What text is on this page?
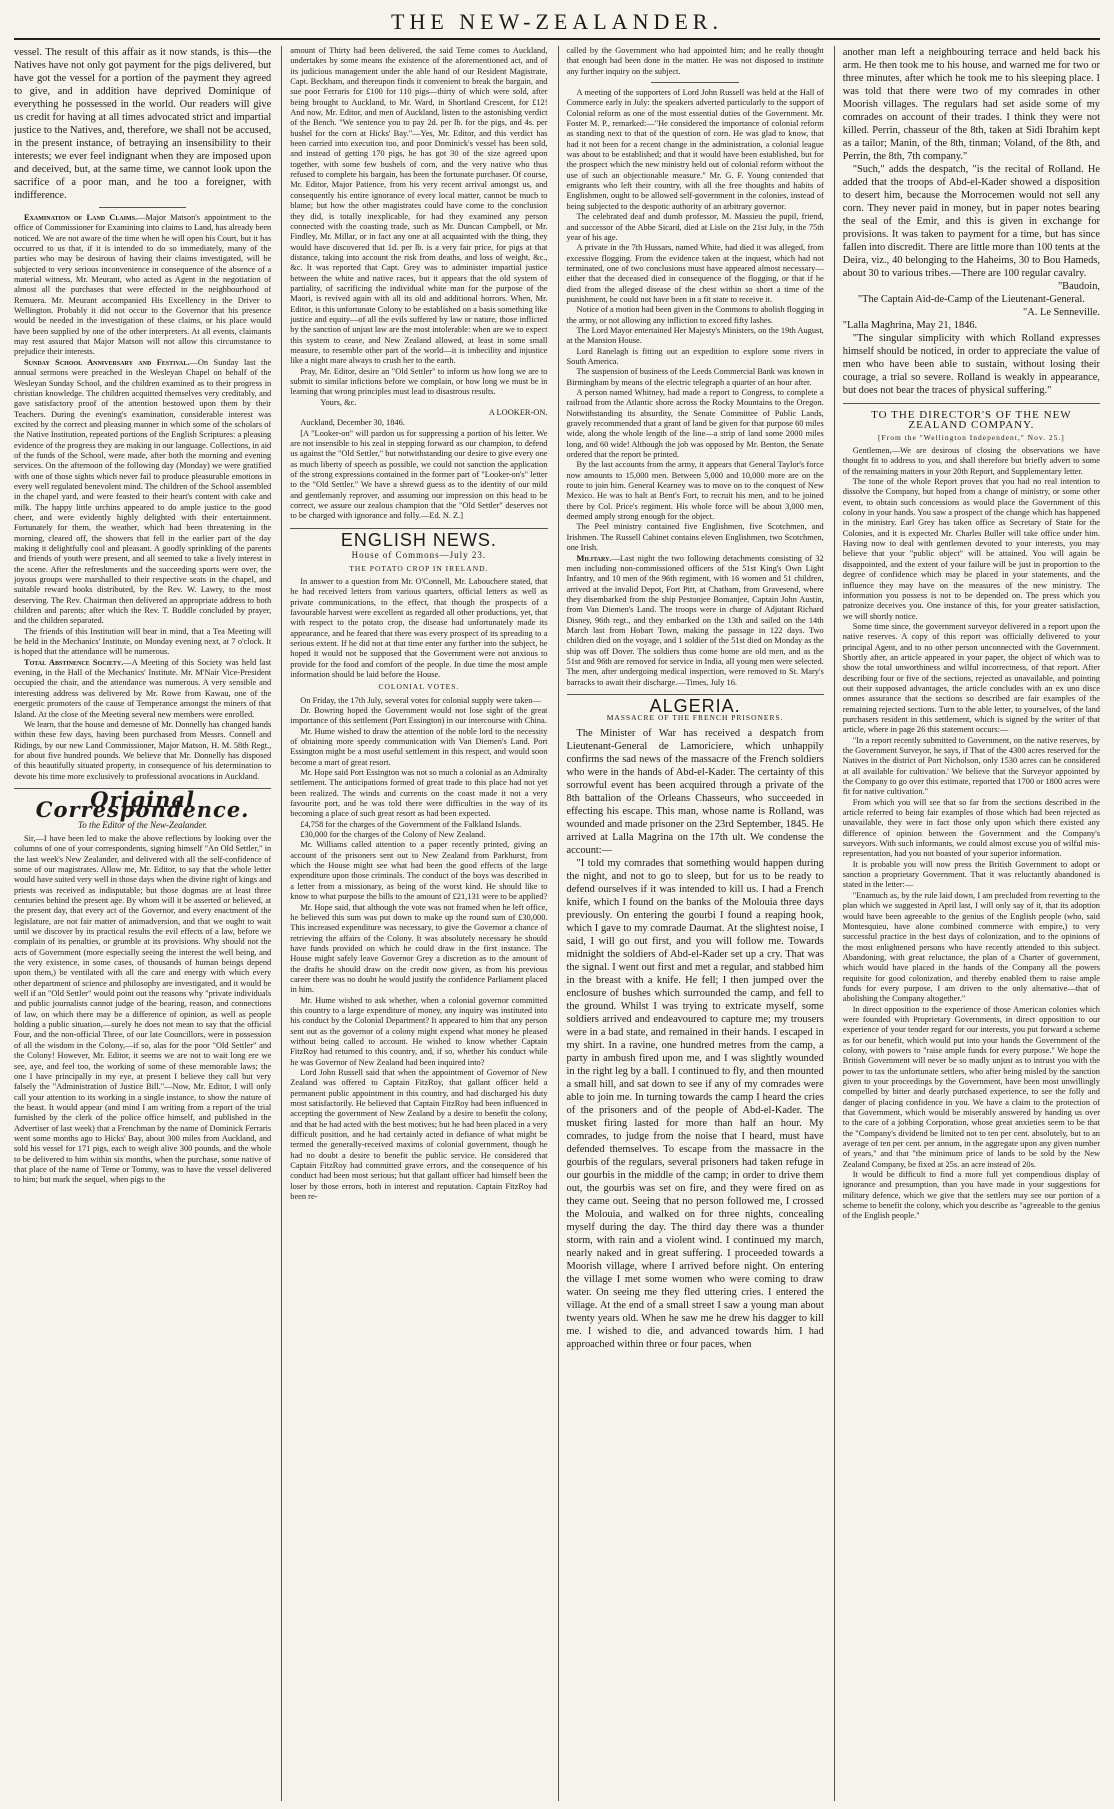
THE NEW-ZEALANDER.

vessel. The result of this affair as it now stands, is this—the Natives have not only got payment for the pigs delivered, but have got the vessel for a portion of the payment they agreed to give, and in addition have deprived Dominique of everything he possessed in the world. Our readers will give us credit for having at all times advocated strict and impartial justice to the Natives, and, therefore, we shall not be accused, in the present instance, of betraying an insensibility to their interests; we ever feel indignant when they are imposed upon and deceived, but, at the same time, we cannot look upon the sacrifice of a poor man, and he too a foreigner, with indifference.

Examination of Land Claims.—Major Matson's appointment to the office of Commissioner for Examining into claims to Land, has already been noticed. We are not aware of the time when he will open his Court, but it has occurred to us that, if it is intended to do so immediately, many of the parties who may be desirous of having their claims investigated, will be subjected to very serious inconvenience in consequence of the absence of a material witness, Mr. Meurant, who acted as Agent in the negotiation of almost all the purchases that were effected in the neighbourhood of Remuera. Mr. Meurant accompanied His Excellency in the Driver to Wellington. Probably it did not occur to the Governor that his presence would be needed in the investigation of these claims, or his place would have been supplied by one of the other interpreters. At all events, claimants may rest assured that Major Matson will not allow this circumstance to prejudice their interests.

Sunday School Anniversary and Festival.—On Sunday last the annual sermons were preached in the Wesleyan Chapel on behalf of the Wesleyan Sunday School, and the children examined as to their progress in christian knowledge. The children acquitted themselves very creditably, and gave satisfactory proof of the attention bestowed upon them by their Teachers. During the evening's examination, considerable interest was excited by the correct and pleasing manner in which some of the scholars of the Native Institution, repeated portions of the English Scriptures: a pleasing evidence of the progress they are making in our language. Collections, in aid of the funds of the School, were made, after both the morning and evening services. On the afternoon of the following day (Monday) we were gratified with one of those sights which never fail to produce pleasurable emotions in every well regulated benevolent mind. The children of the School assembled in the chapel yard, and were feasted to their heart's content with cake and milk. The happy little urchins appeared to do ample justice to the good cheer, and were evidently highly delighted with their entertainment. Fortunately for them, the weather, which had been threatening in the morning, cleared off, the showers that fell in the earlier part of the day making it delightfully cool and pleasant. A goodly sprinkling of the parents and friends of youth were present, and all seemed to take a lively interest in the scene. After the refreshments and the succeeding sports were over, the joyous groups were marshalled to their respective seats in the chapel, and suitable reward books distributed, by the Rev. W. Lawry, to the most deserving. The Rev. Chairman then delivered an appropriate address to both children and parents; after which the Rev. T. Buddle concluded by prayer, and the children separated.

The friends of this Institution will bear in mind, that a Tea Meeting will be held in the Mechanics' Institute, on Monday evening next, at 7 o'clock. It is hoped that the attendance will be numerous.

Total Abstinence Society.—A Meeting of this Society was held last evening, in the Hall of the Mechanics' Institute. Mr. M'Nair Vice-President occupied the chair, and the attendance was numerous. A very sensible and interesting address was delivered by Mr. Rowe from Kawau, one of the energetic promoters of the cause of Temperance amongst the miners of that Island. At the close of the Meeting several new members were enrolled.

We learn, that the house and demesne of Mr. Donnelly has changed hands within these few days, having been purchased from Messrs. Connell and Ridings, by our new Land Commissioner, Major Matson, H. M. 58th Regt., for about five hundred pounds. We believe that Mr. Donnelly has disposed of this beautifully situated property, in consequence of his determination to devote his time more exclusively to professional avocations in Auckland.

Original Correspondence.
To the Editor of the New-Zealander.

Sir,—I have been led to make the above reflections by looking over the columns of one of your correspondents, signing himself "An Old Settler," in the last week's New Zealander, and delivered with all the self-confidence of some of our magistrates. Allow me, Mr. Editor, to say that the whole letter would have suited very well in those days when the divine right of kings and priests was received as indisputable; but those dogmas are at least three centuries behind the present age. By whom will it be asserted or believed, at the present day, that every act of the Governor, and every enactment of the legislature, are not fair matter of animadversion, and that we ought to wait until we discover by its practical results the evil effects of a law, before we complain of its penalties, or grumble at its provisions. Why should not the acts of Government (more especially seeing the interest the well being, and the very existence, in some cases, of thousands of human beings depend upon them,) be ventilated with all the care and energy with which every other department of science and philosophy are investigated, and it would be well if an "Old Settler" would point out the reasons why "private individuals and public journalists cannot judge of the bearing, reason, and connections of law, on which there may be a difference of opinion, as well as people holding a public situation,—surely he does not mean to say that the official Four, and the non-official Three, of our late Councillors, were in possession of all the wisdom in the Colony,—if so, alas for the poor "Old Settler" and the Colony! However, Mr. Editor, it seems we are not to wait long ere we see, aye, and feel too, the working of some of these memorable laws; the one I have principally in my eye, at present I believe they call but very falsely the "Administration of Justice Bill."—Now, Mr. Editor, I will only call your attention to its working in a single instance, to show the nature of the beast. It would appear (and mind I am writing from a report of the trial furnished by the clerk of the police office himself, and published in the Advertiser of last week) that a Frenchman by the name of Dominick Ferraris went some months ago to Hicks' Bay, about 300 miles from Auckland, and sold his vessel for 171 pigs, each to weigh alive 300 pounds, and the whole to be delivered to him within six months, when the purchase, some native of that place of the name of Teme or Tommy, was to have the vessel delivered to him; but mark the sequel, when pigs to the

amount of Thirty had been delivered, the said Teme comes to Auckland, undertakes by some means the existence of the aforementioned act, and of its judicious management under the able hand of our Resident Magistrate, Capt. Beckham, and thereupon finds it convenient to break the bargain, and sue poor Ferraris for £100 for 110 pigs—thirty of which were sold, after being brought to Auckland, to Mr. Ward, in Shortland Crescent, for £12! And now, Mr. Editor, and men of Auckland, listen to the astonishing verdict of the Bench. "We sentence you to pay 2d. per lb. for the pigs, and 4s. per bushel for the corn at Hicks' Bay."—Yes, Mr. Editor, and this verdict has been carried into execution too, and poor Dominick's vessel has been sold, and instead of getting 170 pigs, he has got 30 of the size agreed upon together, with some few bushels of corn, and the very native who thus refused to complete his bargain, has been the fortunate purchaser. Of course, Mr. Editor, Major Patience, from his very recent arrival amongst us, and consequently his entire ignorance of every local matter, cannot be much to blame; but how the other magistrates could have come to the conclusion they did, is totally inexplicable, for had they examined any person connected with the coasting trade, such as Mr. Duncan Campbell, or Mr. Findley, Mr. Millar, or in fact any one at all acquainted with the thing, they would have discovered that 1d. per lb. is a very fair price, for pigs at that distance, taking into account the risk from deaths, and loss of weight, &c., &c. It was reported that Capt. Grey was to administer impartial justice between the white and native races, but it appears that the old system of partiality, of sacrificing the individual white man for the purpose of the Maori, is revived again with all its old and additional horrors. When, Mr. Editor, is this unfortunate Colony to be established on a basis something like justice and equity—of all the evils suffered by law or nature, those inflicted by the sanction of unjust law are the most intolerable: when are we to expect this system to cease, and New Zealand allowed, at least in some small measure, to resemble other part of the world—it is imbecility and injustice like a night mare always to crush her to the earth.

Pray, Mr. Editor, desire an "Old Settler" to inform us how long we are to submit to similar infictions before we complain, or how long we must be in learning that wrong principles must lead to disastrous results.

Yours, &c.
A LOOKER-ON.
Auckland, December 30, 1846.

[A "Looker-on" will pardon us for suppressing a portion of his letter. We are not insensible to his zeal in stepping forward as our champion, to defend us against the "Old Settler," but notwithstanding our desire to give every one as much liberty of speech as possible, we could not sanction the application of the strong expressions contained in the former part of "Looker-on's" letter to the "Old Settler." We have a shrewd guess as to the identity of our mild and gentlemanly reprover, and assuming our impression on this head to be correct, we assure our zealous champion that the "Old Settler" deserves not to be charged with ignorance and folly.—Ed. N. Z.]

ENGLISH NEWS.
House of Commons—July 23.
THE POTATO CROP IN IRELAND.

In answer to a question from Mr. O'Connell, Mr. Labouchere stated, that he had received letters from various quarters, official letters as well as private communications, to the effect, that though the prospects of a favourable harvest were excellent as regarded all other productions, yet, that with respect to the potato crop, the disease had unfortunately made its appearance, and he feared that there was every prospect of its spreading to a serious extent. If he did not at that time enter any further into the subject, he hoped it would not be supposed that the Government were not anxious to provide for the food and comfort of the people. In due time the most ample information should be laid before the House.

COLONIAL VOTES.

On Friday, the 17th July, several votes for colonial supply were taken—

Dr. Bowring hoped the Government would not lose sight of the great importance of this settlement (Port Essington) in our intercourse with China.

Mr. Hume wished to draw the attention of the noble lord to the necessity of obtaining more speedy communication with Van Diemen's Land. Port Essington might be a most useful settlement in this respect, and would soon become a mart of great resort.

Mr. Hope said Port Essington was not so much a colonial as an Admiralty settlement. The anticipations formed of great trade to this place had not yet been realized. The winds and currents on the coast made it not a very favourite port, and he was told there were difficulties in the way of its becoming a place of such great resort as had been expected.

£4,758 for the charges of the Government of the Falkland Islands.

£30,000 for the charges of the Colony of New Zealand.

Mr. Williams called attention to a paper recently printed, giving an account of the prisoners sent out to New Zealand from Parkhurst, from which the House might see what had been the good effects of the large expenditure upon those criminals. The conduct of the boys was described in a letter from a missionary, as being of the worst kind. He should like to know to what purpose the bills to the amount of £21,131 were to be applied?

Mr. Hope said, that although the vote was not framed when he left office, he believed this sum was put down to make up the round sum of £30,000. This increased expenditure was necessary, to give the Governor a chance of retrieving the affairs of the Colony. It was absolutely necessary he should have funds provided on which he could draw in the first instance. The House might safely leave Governor Grey a discretion as to the amount of the drafts he should draw on the credit now given, as from his previous career there was no doubt he would justify the confidence Parliament placed in him.

Mr. Hume wished to ask whether, when a colonial governor committed this country to a large expenditure of money, any inquiry was instituted into his conduct by the Colonial Department? It appeared to him that any person sent out as the governor of a colony might expend what money he pleased without being called to account. He wished to know whether Captain FitzRoy had returned to this country, and, if so, whether his conduct while he was Governor of New Zealand had been inquired into?

Lord John Russell said that when the appointment of Governor of New Zealand was offered to Captain FitzRoy, that gallant officer held a permanent public appointment in this country, and had discharged his duty most satisfactorily. He believed that Captain FitzRoy had been influenced in accepting the government of New Zealand by a desire to benefit the colony, and that he had acted with the best motives; but he had been placed in a very difficult position, and he had certainly acted in defiance of what might be termed the generally-received maxims of colonial government, though he had no doubt a desire to benefit the public service. He considered that Captain FitzRoy had committed grave errors, and the consequence of his conduct had been most serious; but that gallant officer had himself been the loser by those errors, both in interest and reputation. Captain FitzRoy had been re-

called by the Government who had appointed him; and he really thought that enough had been done in the matter. He was not disposed to institute any further inquiry on the subject.

A meeting of the supporters of Lord John Russell was held at the Hall of Commerce early in July: the speakers adverted particularly to the support of Colonial reform as one of the most essential duties of the Government. Mr. Foster M. P., remarked:—"He considered the importance of colonial reform as standing next to that of the question of corn. He was glad to know, that had it not been for a recent change in the administration, a colonial league was about to be established; and that it would have been established, but for the prospect which the new ministry held out of colonial reform without the use of such an objectionable measure." Mr. G. F. Young contended that emigrants who left their country, with all the free thoughts and habits of Englishmen, ought to be allowed self-government in the colonies, instead of being subjected to the despotic authority of an arbitrary governor.

The celebrated deaf and dumb professor, M. Massieu the pupil, friend, and successor of the Abbe Sicard, died at Lisle on the 21st July, in the 75th year of his age.

A private in the 7th Hussars, named White, had died it was alleged, from excessive flogging. From the evidence taken at the inquest, which had not terminated, one of two conclusions must have appeared almost necessary—either that the deceased died in consequence of the flogging, or that if he died from the alleged disease of the chest within so short a time of the punishment, he could not have been in a fit state to receive it.

Notice of a motion had been given in the Commons to abolish flogging in the army, or not allowing any infliction to exceed fifty lashes.

The Lord Mayor entertained Her Majesty's Ministers, on the 19th August, at the Mansion House.

Lord Ranelagh is fitting out an expedition to explore some rivers in South America.

The suspension of business of the Leeds Commercial Bank was known in Birmingham by means of the electric telegraph a quarter of an hour after.

A person named Whitney, had made a report to Congress, to complete a railroad from the Atlantic shore across the Rocky Mountains to the Oregon. Notwithstanding its absurdity, the Senate Committee of Public Lands, gravely recommended that a grant of land be given for that purpose 60 miles wide, along the whole length of the line—a strip of land some 2000 miles long, and 60 wide! Although the job was opposed by Mr. Benton, the Senate ordered that the report be printed.

By the last accounts from the army, it appears that General Taylor's force now amounts to 15,000 men. Between 5,000 and 10,000 more are on the route to join him. General Kearney was to move on to the conquest of New Mexico. He was to halt at Bent's Fort, to recruit his men, and to be joined there by Col. Price's regiment. His whole force will be about 3,000 men, deemed amply strong enough for the object.

The Peel ministry contained five Englishmen, five Scotchmen, and Irishmen. The Russell Cabinet contains eleven Englishmen, two Scotchmen, one Irish.

Military.—Last night the two following detachments consisting of 32 men including non-commissioned officers of the 51st King's Own Light Infantry, and 10 men of the 96th regiment, with 16 women and 51 children, arrived at the invalid Depot, Fort Pitt, at Chatham, from Gravesend, where they disembarked from the ship Pestonjee Bomanjee, Captain John Austin, from Van Diemen's Land. The troops were in charge of Adjutant Richard Disney, 96th regt., and they embarked on the 13th and sailed on the 14th March last from Hobart Town, making the passage in 122 days. Two children died on the voyage, and 1 soldier of the 51st died on Monday as the ship was off Dover. The soldiers thus come home are old men, and as the 51st and 96th are removed for service in India, all young men were selected. The men, after undergoing medical inspection, were removed to St. Mary's barracks to await their discharge.—Times, July 16.

ALGERIA.
MASSACRE OF THE FRENCH PRISONERS.

The Minister of War has received a despatch from Lieutenant-General de Lamoriciere, which unhappily confirms the sad news of the massacre of the French soldiers who were in the hands of Abd-el-Kader. The certainty of this sorrowful event has been acquired through a private of the 8th battalion of the Orleans Chasseurs, who succeeded in effecting his escape. This man, whose name is Rolland, was wounded and made prisoner on the 23rd September, 1845. He arrived at Lalla Magrina on the 17th ult. We condense the account:—

"I told my comrades that something would happen during the night, and not to go to sleep, but for us to be ready to defend ourselves if it was intended to kill us. I had a French knife, which I found on the banks of the Molouia three days previously. On entering the gourbi I found a reaping hook, which I gave to my comrade Daumat. At the slightest noise, I said, I will go out first, and you will follow me. Towards midnight the soldiers of Abd-el-Kader set up a cry. That was the signal. I went out first and met a regular, and stabbed him in the breast with a knife. He fell; I then jumped over the enclosure of bushes which surrounded the camp, and fell to the ground. Whilst I was trying to extricate myself, some soldiers arrived and endeavoured to capture me; my trousers were in a bad state, and remained in their hands. I escaped in my shirt. In a ravine, one hundred metres from the camp, a party in ambush fired upon me, and I was slightly wounded in the right leg by a ball. I continued to fly, and then mounted a small hill, and sat down to see if any of my comrades were able to join me. In turning towards the camp I heard the cries of the prisoners and of the people of Abd-el-Kader. The musket firing lasted for more than half an hour. My comrades, to judge from the noise that I heard, must have defended themselves. To escape from the massacre in the gourbis of the regulars, several prisoners had taken refuge in our gourbis in the middle of the camp; in order to drive them out, the gourbis was set on fire, and they were fired on as they came out. Seeing that no person followed me, I crossed the Molouia, and walked on for three nights, concealing myself during the day. The third day there was a thunder storm, with rain and a violent wind. I continued my march, nearly naked and in great suffering. I proceeded towards a Moorish village, where I arrived before night. On entering the village I met some women who were coming to draw water. On seeing me they fled uttering cries. I entered the village. At the end of a small street I saw a young man about twenty years old. When he saw me he drew his dagger to kill me. I wished to die, and advanced towards him. I had approached within three or four paces, when

another man left a neighbouring terrace and held back his arm. He then took me to his house, and warned me for two or three minutes, after which he took me to his sleeping place. I was told that there were two of my comrades in other Moorish villages. The regulars had set aside some of my comrades on account of their trades. I think they were not killed. Perrin, chasseur of the 8th, taken at Sidi Ibrahim kept as a tailor; Manin, of the 8th, tinman; Voland, of the 8th, and Perrin, the 8th, 7th company."

"Such," adds the despatch, "is the recital of Rolland. He added that the troops of Abd-el-Kader showed a disposition to desert him, because the Morrocemen would not sell any corn. They never paid in money, but in paper notes bearing the seal of the Emir, and this is given in exchange for provisions. It was taken to payment for a time, but has since fallen into discredit. There are little more than 100 tents at the Deira, viz., 40 belonging to the Haheims, 30 to Bou Hameds, about 30 to various tribes.—There are 100 regular cavalry.

"Baudoin,
"The Captain Aid-de-Camp of the Lieutenant-General.
"A. Le Senneville.
"Lalla Maghrina, May 21, 1846.

"The singular simplicity with which Rolland expresses himself should be noticed, in order to appreciate the value of men who have been able to sustain, without losing their courage, a trial so severe. Rolland is weakly in appearance, but does not bear the traces of physical suffering."

TO THE DIRECTOR'S OF THE NEW ZEALAND COMPANY.
[From the "Wellington Independent," Nov. 25.]

Gentlemen,—We are desirous of closing the observations we have thought fit to address to you, and shall therefore but briefly advert to some of the remaining matters in your 20th Report, and Supplementary letter.

The tone of the whole Report proves that you had no real intention to dissolve the Company, but hoped from a change of ministry, or some other event, to obtain such concessions as would place the Government of this colony in your hands. You saw a prospect of the change which has happened in the ministry. Earl Grey has taken office as Secretary of State for the Colonies, and it is expected Mr. Charles Buller will take office under him. Having now to deal with gentlemen devoted to your interests, you may believe that your "public object" will be attained. You will again be disappointed, and the extent of your failure will be just in proportion to the degree of confidence which may be placed in your statements, and the influence they may have on the measures of the new ministry. The information you possess is not to be depended on. The press which you patronize deceives you. One instance of this, for your greater satisfaction, we will shortly notice.

Some time since, the government surveyor delivered in a report upon the native reserves. A copy of this report was officially delivered to your principal Agent, and to no other person unconnected with the Government. Shortly after, an article appeared in your paper, the object of which was to show the total unworthiness and wilful incorrectness, of that report. After describing four or five of the sections, rejected as unavailable, and pointing out their supposed advantages, the article concludes with an ex uno disce omnes assurance that the sections so described are fair examples of the remaining rejected sections. Turn to the able letter, to yourselves, of the land purchasers resident in this settlement, which is signed by the writer of that article, where in page 26 this statement occurs:—

"In a report recently submitted to Government, on the native reserves, by the Government Surveyor, he says, if That of the 4300 acres reserved for the Natives in the district of Port Nicholson, only 1530 acres can be considered at all available for cultivation.' We believe that the Surveyor appointed by the Company to go over this estimate, reported that 1700 or 1800 acres were fit for native cultivation."

From which you will see that so far from the sections described in the article referred to being fair examples of those which had been rejected as unavailable, they were in fact those only upon which there existed any difference of opinion between the Government and the Company's surveyors. With such informants, we could almost excuse you of wilful mis-representation, had you not boasted of your superior information.

It is probable you will now press the British Government to adopt or sanction a proprietary Government. That it was reluctantly abandoned is stated in the letter:—

"Enamuch as, by the rule laid down, I am precluded from reverting to the plan which we suggested in April last, I will only say of it, that its adoption would have been agreeable to the genius of the English people (who, said Montesquieu, have alone combined commerce with empire,) to very successful practice in the best days of colonization, and to the opinions of the most enlightened persons who have recently attended to this subject. Abandoning, with great reluctance, the plan of a Charter of government, which would have placed in the hands of the Company all the powers requisite for good colonization, and thereby enabled them to raise ample funds for every purpose, I am driven to the only alternative—that of abolishing the Company altogether."

In direct opposition to the experience of those American colonies which were founded with Proprietary Governments, in direct opposition to our experience of your tender regard for our interests, you put forward a scheme as for our benefit, which would put into your hands the Government of the colony, with powers to "raise ample funds for every purpose." We hope the British Government will never be so madly unjust as to intrust you with the power to tax the unfortunate settlers, who after being misled by the sanction given to your proceedings by the Government, have been most unwillingly compelled by bitter and dearly purchased experience, to see the folly and danger of placing confidence in you. We have a claim to the protection of that Government, which would be miserably answered by handing us over to the care of a jobbing Corporation, whose great anxieties seem to be that the "Company's dividend be limited not to ten per cent. absolutely, but to an average of ten per cent. per annum, in the aggregate upon any given number of years," and that "the minimum price of lands to be sold by the New Zealand Company, be fixed at 25s. an acre instead of 20s.

It would be difficult to find a more full yet compendious display of ignorance and presumption, than you have made in your suggestions for military defence, which we give that the settlers may see our portion of a scheme to benefit the colony, which you describe as "agreeable to the genius of the English people."
